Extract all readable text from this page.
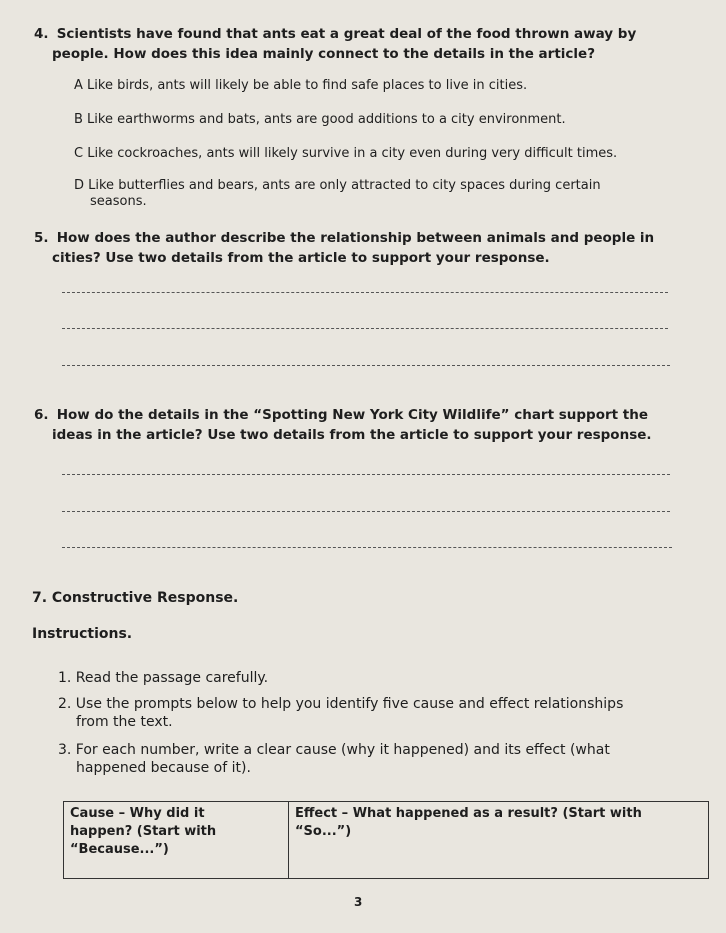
4. Scientists have found that ants eat a great deal of the food thrown away by
people. How does this idea mainly connect to the details in the article?
A Like birds, ants will likely be able to find safe places to live in cities.
B Like earthworms and bats, ants are good additions to a city environment.
C Like cockroaches, ants will likely survive in a city even during very difficult times.
D Like butterflies and bears, ants are only attracted to city spaces during certain
seasons.
5. How does the author describe the relationship between animals and people in
cities? Use two details from the article to support your response.
6. How do the details in the “Spotting New York City Wildlife” chart support the
ideas in the article? Use two details from the article to support your response.
7. Constructive Response.
Instructions.
1. Read the passage carefully.
2. Use the prompts below to help you identify five cause and effect relationships
from the text.
3. For each number, write a clear cause (why it happened) and its effect (what
happened because of it).
Cause – Why did it
happen? (Start with
“Because...”)	Effect – What happened as a result? (Start with
“So...”)
3
